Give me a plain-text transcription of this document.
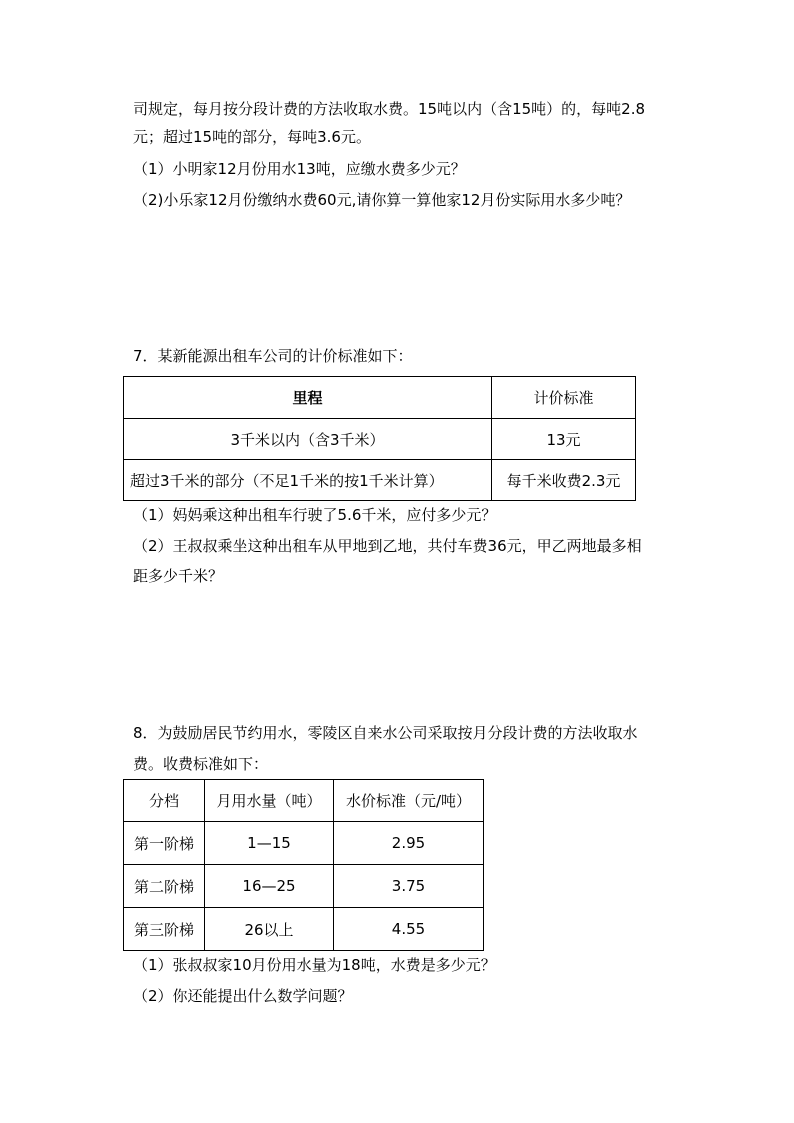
司规定，每月按分段计费的方法收取水费。15吨以内（含15吨）的，每吨2.8
元；超过15吨的部分，每吨3.6元。
（1）小明家12月份用水13吨，应缴水费多少元？
（2)小乐家12月份缴纳水费60元,请你算一算他家12月份实际用水多少吨？
7．某新能源出租车公司的计价标准如下：
里程	计价标准
3千米以内（含3千米）	13元
超过3千米的部分（不足1千米的按1千米计算）	每千米收费2.3元
（1）妈妈乘这种出租车行驶了5.6千米，应付多少元？
（2）王叔叔乘坐这种出租车从甲地到乙地，共付车费36元，甲乙两地最多相
距多少千米？
8．为鼓励居民节约用水，零陵区自来水公司采取按月分段计费的方法收取水
费。收费标准如下：
分档	月用水量（吨）	水价标准（元/吨）
第一阶梯	1—15	2.95
第二阶梯	16—25	3.75
第三阶梯	26以上	4.55
（1）张叔叔家10月份用水量为18吨，水费是多少元？
（2）你还能提出什么数学问题？
